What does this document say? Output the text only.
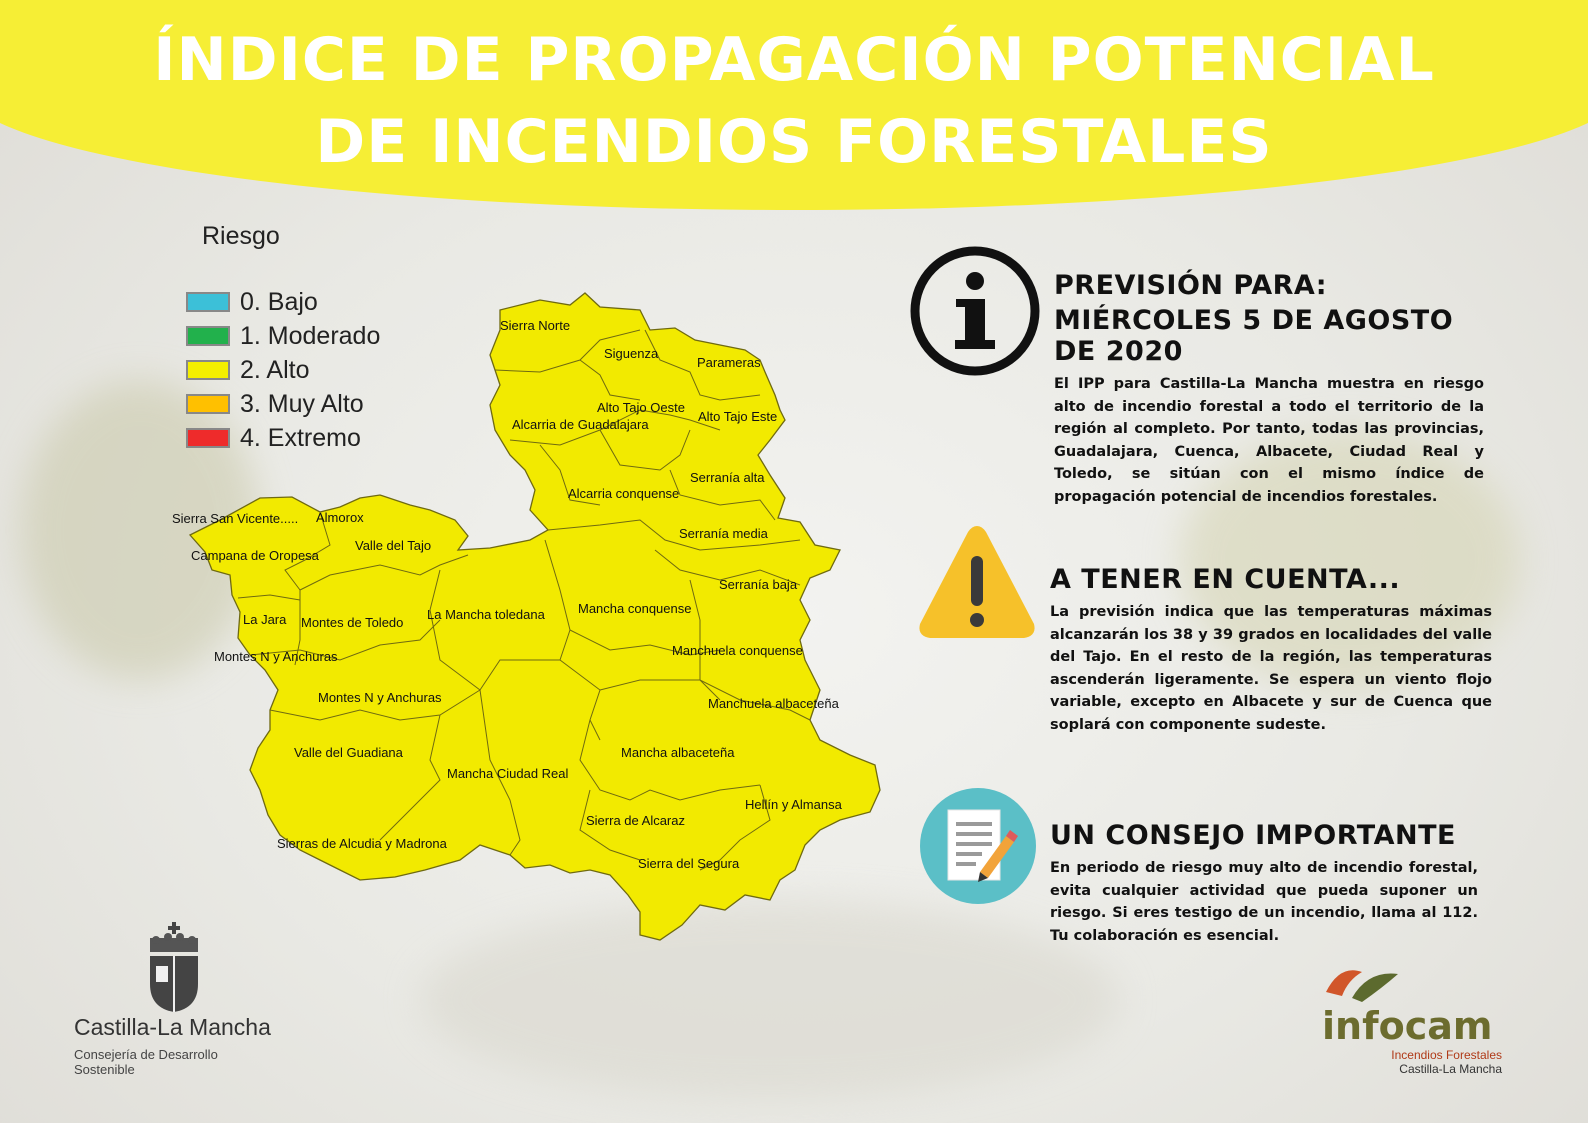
ÍNDICE DE PROPAGACIÓN POTENCIAL
DE INCENDIOS FORESTALES

Riesgo

0. Bajo
1. Moderado
2. Alto
3. Muy Alto
4. Extremo
Sierra Norte
Siguenza
Parameras
Alto Tajo Oeste
Alto Tajo Este
Alcarria de Guadalajara
Serranía alta
Alcarria conquense
Sierra San Vicente..... Almorox
Valle del Tajo
Serranía media
Campana de Oropesa
Serranía baja
Mancha conquense
La Mancha toledana
La Jara Montes de Toledo
Manchuela conquense
Montes N y Anchuras
Montes N y Anchuras	Manchuela albaceteña
Mancha albaceteña
Valle del Guadiana
Mancha Ciudad Real
Hellín y Almansa
Sierra de Alcaraz
Sierras de Alcudia y Madrona
Sierra del Segura

PREVISIÓN PARA:

MIÉRCOLES 5 DE AGOSTO DE 2020

El IPP para Castilla-La Mancha muestra en riesgo alto de incendio forestal a todo el territorio de la región al completo. Por tanto, todas las provincias, Guadalajara, Cuenca, Albacete, Ciudad Real y Toledo, se sitúan con el mismo índice de propagación potencial de incendios forestales.

A TENER EN CUENTA...

La previsión indica que las temperaturas máximas alcanzarán los 38 y 39 grados en localidades del valle del Tajo. En el resto de la región, las temperaturas ascenderán ligeramente. Se espera un viento flojo variable, excepto en Albacete y sur de Cuenca que soplará con componente sudeste.

UN CONSEJO IMPORTANTE

En periodo de riesgo muy alto de incendio forestal, evita cualquier actividad que pueda suponer un riesgo. Si eres testigo de un incendio, llama al 112. Tu colaboración es esencial.

Castilla-La Mancha

Consejería de Desarrollo Sostenible

infocam

Incendios Forestales

Castilla-La Mancha
